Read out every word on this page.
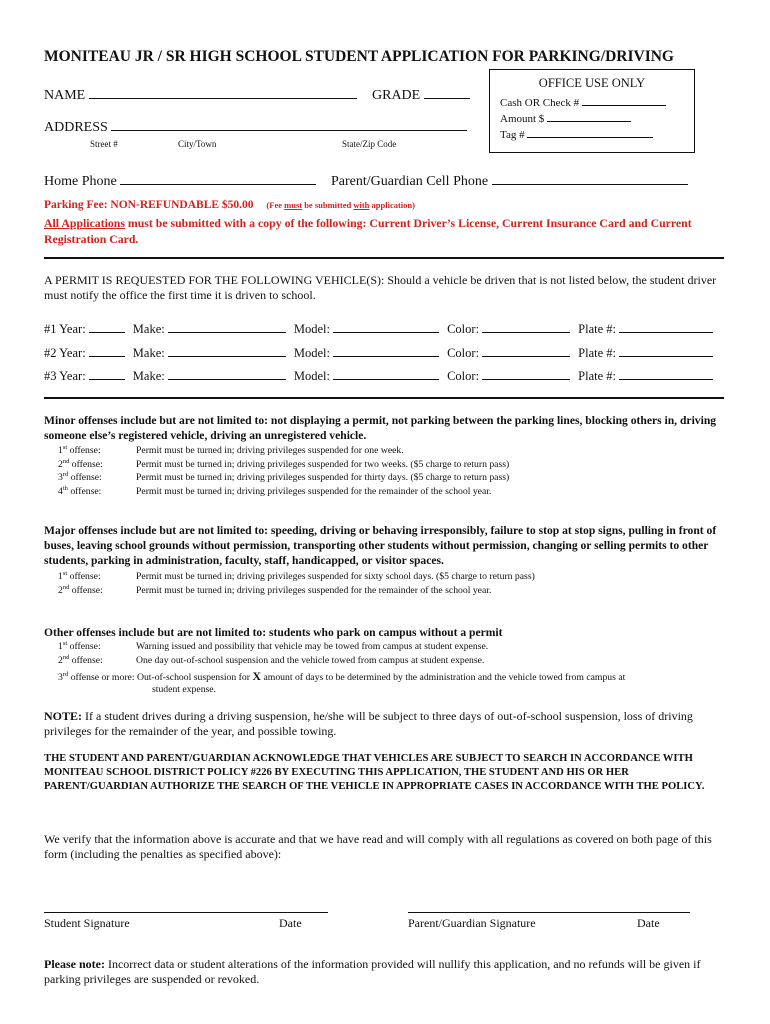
MONITEAU JR / SR HIGH SCHOOL STUDENT APPLICATION FOR PARKING/DRIVING
OFFICE USE ONLY
Cash OR Check #
Amount $
Tag #
NAME	GRADE
ADDRESS
Street #	City/Town	State/Zip Code
Home Phone	Parent/Guardian Cell Phone
Parking Fee: NON-REFUNDABLE $50.00 (Fee must be submitted with application)
All Applications must be submitted with a copy of the following: Current Driver’s License, Current Insurance Card and Current Registration Card.
A PERMIT IS REQUESTED FOR THE FOLLOWING VEHICLE(S): Should a vehicle be driven that is not listed below, the student driver must notify the office the first time it is driven to school.
#1 Year:	Make:	Model:	Color:	Plate #:
#2 Year:	Make:	Model:	Color:	Plate #:
#3 Year:	Make:	Model:	Color:	Plate #:
Minor offenses include but are not limited to: not displaying a permit, not parking between the parking lines, blocking others in, driving someone else’s registered vehicle, driving an unregistered vehicle.
1st offense:	Permit must be turned in; driving privileges suspended for one week.
2nd offense:	Permit must be turned in; driving privileges suspended for two weeks. ($5 charge to return pass)
3rd offense:	Permit must be turned in; driving privileges suspended for thirty days. ($5 charge to return pass)
4th offense:	Permit must be turned in; driving privileges suspended for the remainder of the school year.
Major offenses include but are not limited to: speeding, driving or behaving irresponsibly, failure to stop at stop signs, pulling in front of buses, leaving school grounds without permission, transporting other students without permission, changing or selling permits to other students, parking in administration, faculty, staff, handicapped, or visitor spaces.
1st offense:	Permit must be turned in; driving privileges suspended for sixty school days. ($5 charge to return pass)
2nd offense:	Permit must be turned in; driving privileges suspended for the remainder of the school year.
Other offenses include but are not limited to: students who park on campus without a permit
1st offense:	Warning issued and possibility that vehicle may be towed from campus at student expense.
2nd offense:	One day out-of-school suspension and the vehicle towed from campus at student expense.
3rd offense or more: Out-of-school suspension for X amount of days to be determined by the administration and the vehicle towed from campus at
student expense.
NOTE: If a student drives during a driving suspension, he/she will be subject to three days of out-of-school suspension, loss of driving privileges for the remainder of the year, and possible towing.
THE STUDENT AND PARENT/GUARDIAN ACKNOWLEDGE THAT VEHICLES ARE SUBJECT TO SEARCH IN ACCORDANCE WITH MONITEAU SCHOOL DISTRICT POLICY #226 BY EXECUTING THIS APPLICATION, THE STUDENT AND HIS OR HER PARENT/GUARDIAN AUTHORIZE THE SEARCH OF THE VEHICLE IN APPROPRIATE CASES IN ACCORDANCE WITH THE POLICY.
We verify that the information above is accurate and that we have read and will comply with all regulations as covered on both page of this form (including the penalties as specified above):
Student Signature	Date	Parent/Guardian Signature	Date
Please note: Incorrect data or student alterations of the information provided will nullify this application, and no refunds will be given if parking privileges are suspended or revoked.
